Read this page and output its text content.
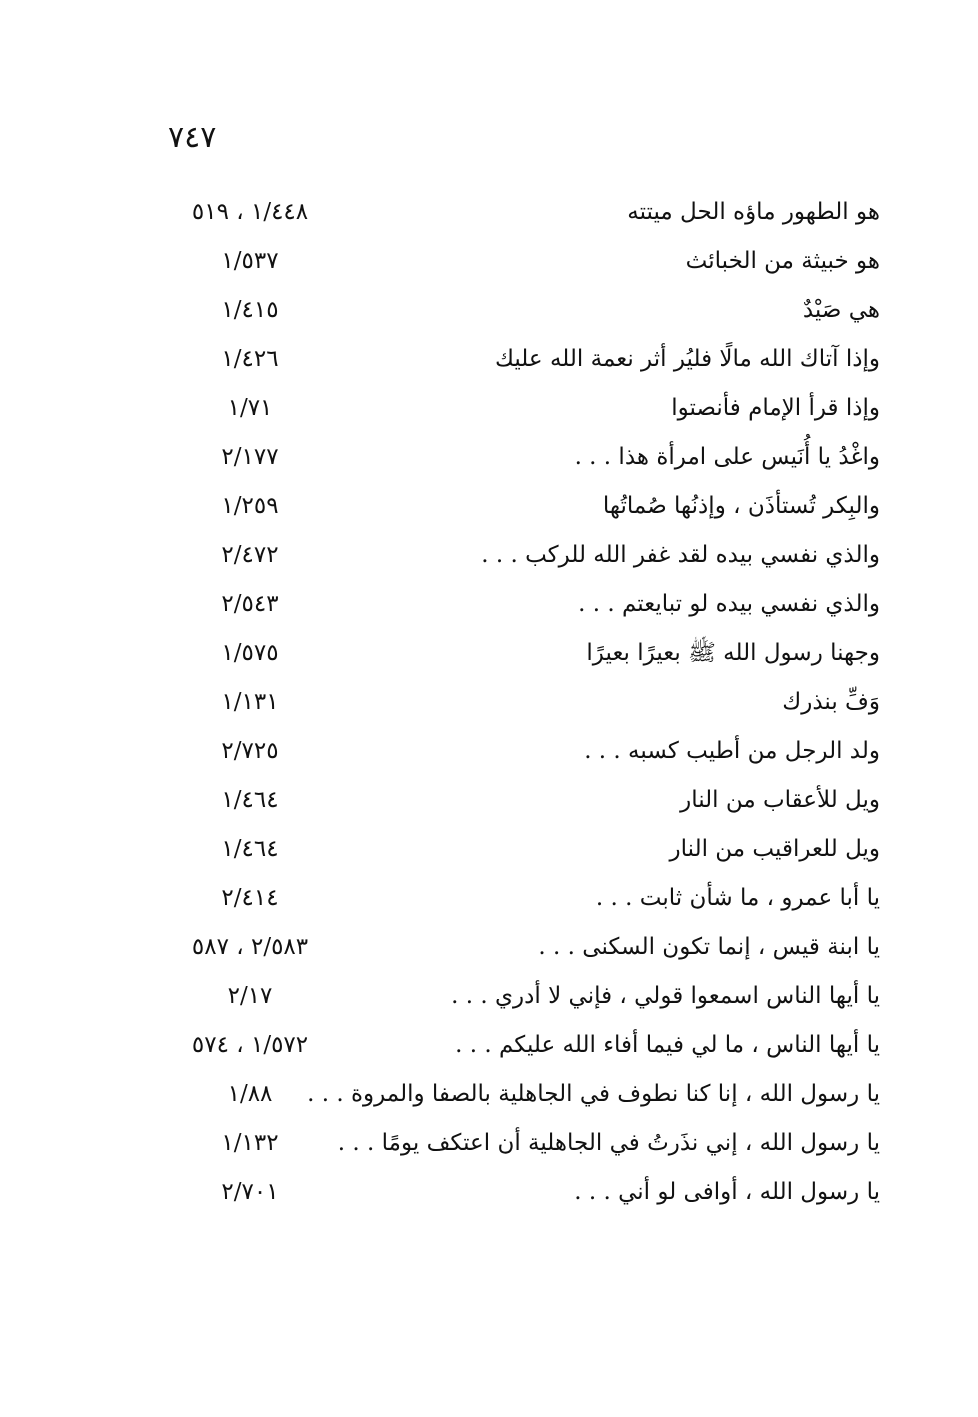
٧٤٧
هو الطهور ماؤه الحل ميتته
١/٤٤٨ ، ٥١٩
هو خبيثة من الخبائث
١/٥٣٧
هي صَيْدٌ
١/٤١٥
وإذا آتاك الله مالًا فليُر أثر نعمة الله عليك
١/٤٢٦
وإذا قرأ الإمام فأنصتوا
١/٧١
واغْدُ يا أُنَيس على امرأة هذا . . .
٢/١٧٧
والبِكر تُستأذَن ، وإذنُها صُماتُها
١/٢٥٩
والذي نفسي بيده لقد غفر الله للركب . . .
٢/٤٧٢
والذي نفسي بيده لو تبايعتم . . .
٢/٥٤٣
وجهنا رسول الله ﷺ بعيرًا بعيرًا
١/٥٧٥
وَفِّ بنذرك
١/١٣١
ولد الرجل من أطيب كسبه . . .
٢/٧٢٥
ويل للأعقاب من النار
١/٤٦٤
ويل للعراقيب من النار
١/٤٦٤
يا أبا عمرو ، ما شأن ثابت . . .
٢/٤١٤
يا ابنة قيس ، إنما تكون السكنى . . .
٢/٥٨٣ ، ٥٨٧
يا أيها الناس اسمعوا قولي ، فإني لا أدري . . .
٢/١٧
يا أيها الناس ، ما لي فيما أفاء الله عليكم . . .
١/٥٧٢ ، ٥٧٤
يا رسول الله ، إنا كنا نطوف في الجاهلية بالصفا والمروة . . .
١/٨٨
يا رسول الله ، إني نذَرتُ في الجاهلية أن اعتكف يومًا . . .
١/١٣٢
يا رسول الله ، أوافى لو أني . . .
٢/٧٠١
